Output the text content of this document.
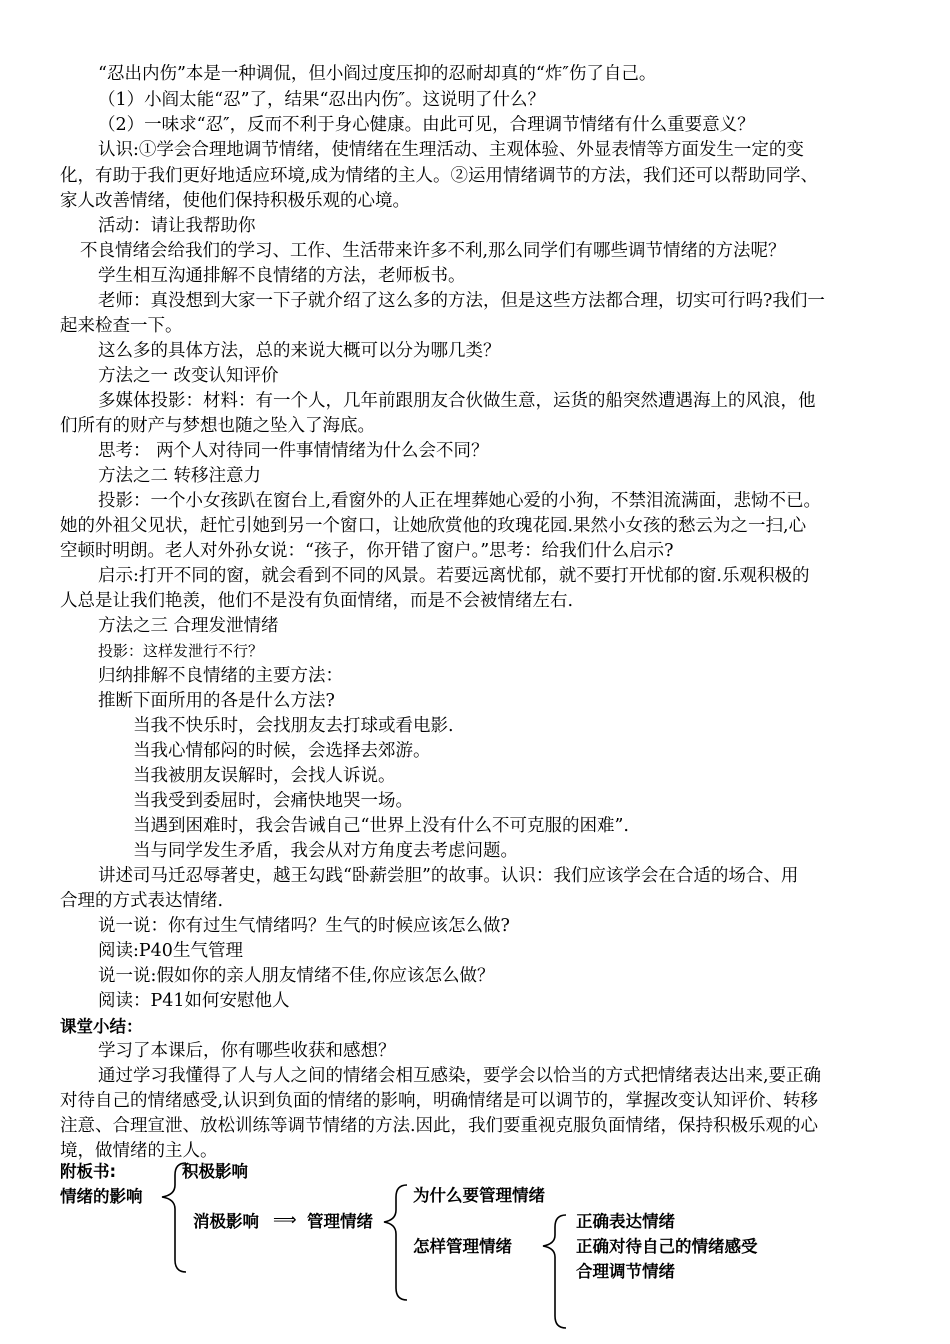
“忍出内伤”本是一种调侃，但小阎过度压抑的忍耐却真的“炸″伤了自己。
（1）小阎太能“忍”了，结果“忍出内伤″。这说明了什么？
（2）一味求“忍″，反而不利于身心健康。由此可见，合理调节情绪有什么重要意义？
认识:①学会合理地调节情绪，使情绪在生理活动、主观体验、外显表情等方面发生一定的变
化，有助于我们更好地适应环境,成为情绪的主人。②运用情绪调节的方法，我们还可以帮助同学、
家人改善情绪，使他们保持积极乐观的心境。
活动：请让我帮助你
不良情绪会给我们的学习、工作、生活带来许多不利,那么同学们有哪些调节情绪的方法呢？
学生相互沟通排解不良情绪的方法，老师板书。
老师：真没想到大家一下子就介绍了这么多的方法，但是这些方法都合理，切实可行吗?我们一
起来检查一下。
这么多的具体方法，总的来说大概可以分为哪几类？
方法之一 改变认知评价
多媒体投影：材料：有一个人，几年前跟朋友合伙做生意，运货的船突然遭遇海上的风浪，他
们所有的财产与梦想也随之坠入了海底。
思考： 两个人对待同一件事情情绪为什么会不同？
方法之二 转移注意力
投影：一个小女孩趴在窗台上,看窗外的人正在埋葬她心爱的小狗，不禁泪流满面，悲恸不已。
她的外祖父见状，赶忙引她到另一个窗口，让她欣赏他的玫瑰花园.果然小女孩的愁云为之一扫,心
空顿时明朗。老人对外孙女说：“孩子，你开错了窗户。”思考：给我们什么启示?
启示:打开不同的窗，就会看到不同的风景。若要远离忧郁，就不要打开忧郁的窗.乐观积极的
人总是让我们艳羡，他们不是没有负面情绪，而是不会被情绪左右.
方法之三 合理发泄情绪
投影：这样发泄行不行？
归纳排解不良情绪的主要方法：
推断下面所用的各是什么方法?
当我不快乐时，会找朋友去打球或看电影.
当我心情郁闷的时候，会选择去郊游。
当我被朋友误解时，会找人诉说。
当我受到委屈时，会痛快地哭一场。
当遇到困难时，我会告诫自己“世界上没有什么不可克服的困难”.
当与同学发生矛盾，我会从对方角度去考虑问题。
讲述司马迁忍辱著史，越王勾践“卧薪尝胆”的故事。认识：我们应该学会在合适的场合、用
合理的方式表达情绪.
说一说：你有过生气情绪吗？生气的时候应该怎么做?
阅读:P40生气管理
说一说:假如你的亲人朋友情绪不佳,你应该怎么做？
阅读：P41如何安慰他人
课堂小结：
学习了本课后，你有哪些收获和感想？
通过学习我懂得了人与人之间的情绪会相互感染，要学会以恰当的方式把情绪表达出来,要正确
对待自己的情绪感受,认识到负面的情绪的影响，明确情绪是可以调节的，掌握改变认知评价、转移
注意、合理宣泄、放松训练等调节情绪的方法.因此，我们要重视克服负面情绪，保持积极乐观的心
境，做情绪的主人。
附板书:
情绪的影响
积极影响
消极影响 ⟹ 管理情绪
为什么要管理情绪
怎样管理情绪
正确表达情绪
正确对待自己的情绪感受
合理调节情绪
